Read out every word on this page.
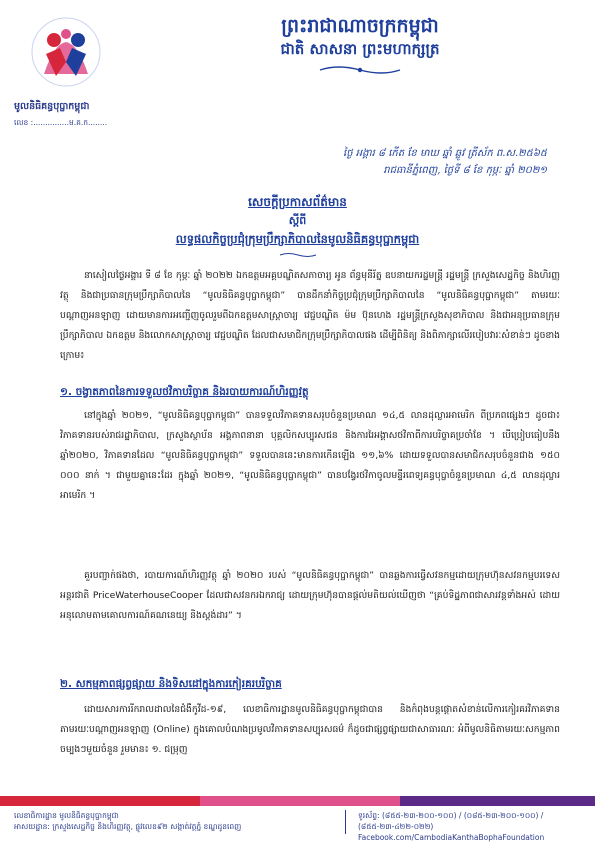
មូលនិធិគន្ធបុប្ផាកម្ពុជា
លេខ :...............ម.គ.ក........
ព្រះរាជាណាចក្រកម្ពុជា
ជាតិ សាសនា ព្រះមហាក្សត្រ
ថ្ងៃ អង្គារ ៨ កើត ខែ មាឃ ឆ្នាំ ឆ្លូវ ត្រីស័ក ព.ស.២៥៦៥
រាជធានីភ្នំពេញ, ថ្ងៃទី ៨ ខែ កុម្ភៈ ឆ្នាំ ២០២១
សេចក្តីប្រកាសព័ត៌មាន
ស្តីពី
លទ្ធផលកិច្ចប្រជុំក្រុមប្រឹក្សាភិបាលនៃមូលនិធិគន្ធបុប្ផាកម្ពុជា
នាសៀលថ្ងៃអង្គារ ទី ៨ ខែ កុម្ភៈ ឆ្នាំ ២០២២ ឯកឧត្តមអគ្គបណ្ឌិតសភាចារ្យ អូន ព័ន្ធមុនីរ័ត្ន ឧបនាយករដ្ឋមន្ត្រី រដ្ឋមន្ត្រី ក្រសួងសេដ្ឋកិច្ច និងហិរញ្ញវត្ថុ និងជាប្រធានក្រុមប្រឹក្សាភិបាលនៃ “មូលនិធិគន្ធបុប្ផាកម្ពុជា” បានដឹកនាំកិច្ចប្រជុំក្រុមប្រឹក្សាភិបាលនៃ “មូលនិធិគន្ធបុប្ផាកម្ពុជា” តាមរយៈបណ្តាញអនឡាញ ដោយមានការអញ្ជើញចូលរួមពីឯកឧត្តមសាស្ត្រាចារ្យ វេជ្ជបណ្ឌិត ម៉ម ប៊ុនហេង រដ្ឋមន្ត្រីក្រសួងសុខាភិបាល និងជាអនុប្រធានក្រុមប្រឹក្សាភិបាល ឯកឧត្តម និងលោកសាស្ត្រាចារ្យ វេជ្ជបណ្ឌិត ដែលជាសមាជិកក្រុមប្រឹក្សាភិបាលផង ដើម្បីពិនិត្យ និងពិភាក្សាលើរបៀបវារៈសំខាន់ៗ ដូចខាងក្រោម៖
១. ចង្វាតភាពនៃការទទួលថវិកាបរិច្ចាគ និងរបាយការណ៍ហិរញ្ញវត្ថុ
នៅក្នុងឆ្នាំ ២០២១, “មូលនិធិគន្ធបុប្ផាកម្ពុជា” បានទទួលវិភាគទានសរុបចំនួនប្រមាណ ១៤,៥ លានដុល្លារអាមេរិក ពីប្រភពផ្សេងៗ ដូចជា៖ វិភាគទានរបស់រាជរដ្ឋាភិបាល, ក្រសួងស្ថាប័ន អង្គភាពនានា បុគ្គលិកសប្បុរសជន និងការរៃអង្គាសថវិកាពីការបរិច្ចាគប្រចាំខែ ។ បើប្រៀបធៀបនឹងឆ្នាំ២០២០, វិភាគទានដែល “មូលនិធិគន្ធបុប្ផាកម្ពុជា” ទទួលបាននេះមានការកើនឡើង ១១,៦% ដោយទទួលបានសមាជិកសរុបចំនួនជាង ១៥០ ០០០ នាក់ ។ ជាមួយគ្នានេះដែរ ក្នុងឆ្នាំ ២០២១, “មូលនិធិគន្ធបុប្ផាកម្ពុជា” បានបង្វែរថវិកាចូលមន្ទីរពេទ្យគន្ធបុប្ផាចំនួនប្រមាណ ៤,៥ លានដុល្លារអាមេរិក ។
គួរបញ្ជាក់ផងថា, របាយការណ៍ហិរញ្ញវត្ថុ ឆ្នាំ ២០២០ របស់ “មូលនិធិគន្ធបុប្ផាកម្ពុជា” បានឆ្លងការធ្វើសវនកម្មដោយក្រុមហ៊ុនសវនកម្មបរទេសអន្តរជាតិ PriceWaterhouseCooper ដែលជាសវនករឯករាជ្យ ដោយក្រុមហ៊ុនបានផ្តល់មតិយល់ឃើញថា “គ្រប់ទិដ្ឋភាពជាសារវន្តទាំងអស់ ដោយអនុលោមតាមគោលការណ៍គណនេយ្យ និងស្តង់ដារ” ។
២. សកម្មភាពផ្សព្វផ្សាយ និងទិសដៅក្នុងការកៀរគរបរិច្ចាគ
ដោយសារការរីករាលដាលនៃជំងឺកូវីដ-១៩, លេខាធិការដ្ឋានមូលនិធិគន្ធបុប្ផាកម្ពុជាបាន និងកំពុងបន្តផ្តោតសំខាន់លើការកៀរគរវិភាគទានតាមរយៈបណ្តាញអនឡាញ (Online) ក្នុងគោលបំណងប្រមូលវិភាគទានសប្បុរសធម៌ ក៏ដូចជាផ្សព្វផ្សាយជាសាធារណៈ អំពីមូលនិធិតាមរយៈសកម្មភាពចម្បងៗមួយចំនួន រួមមាន៖ ១. ជម្រុញ
លេខាធិការដ្ឋាន មូលនិធិគន្ធបុប្ផាកម្ពុជា
អាសយដ្ឋាន: ក្រសួងសេដ្ឋកិច្ច និងហិរញ្ញវត្ថុ, ផ្លូវលេខ៩២ សង្កាត់វត្តភ្នំ ខណ្ឌដូនពេញ
ទូរស័ព្ទ: (៨៥៥-២៣-២០០-១០០) / (០៨៥-២៣-២០០-១០០) / (៨៥៥-២៣-៤២២-០២២)
Facebook.com/CambodiaKanthaBophaFoundation
